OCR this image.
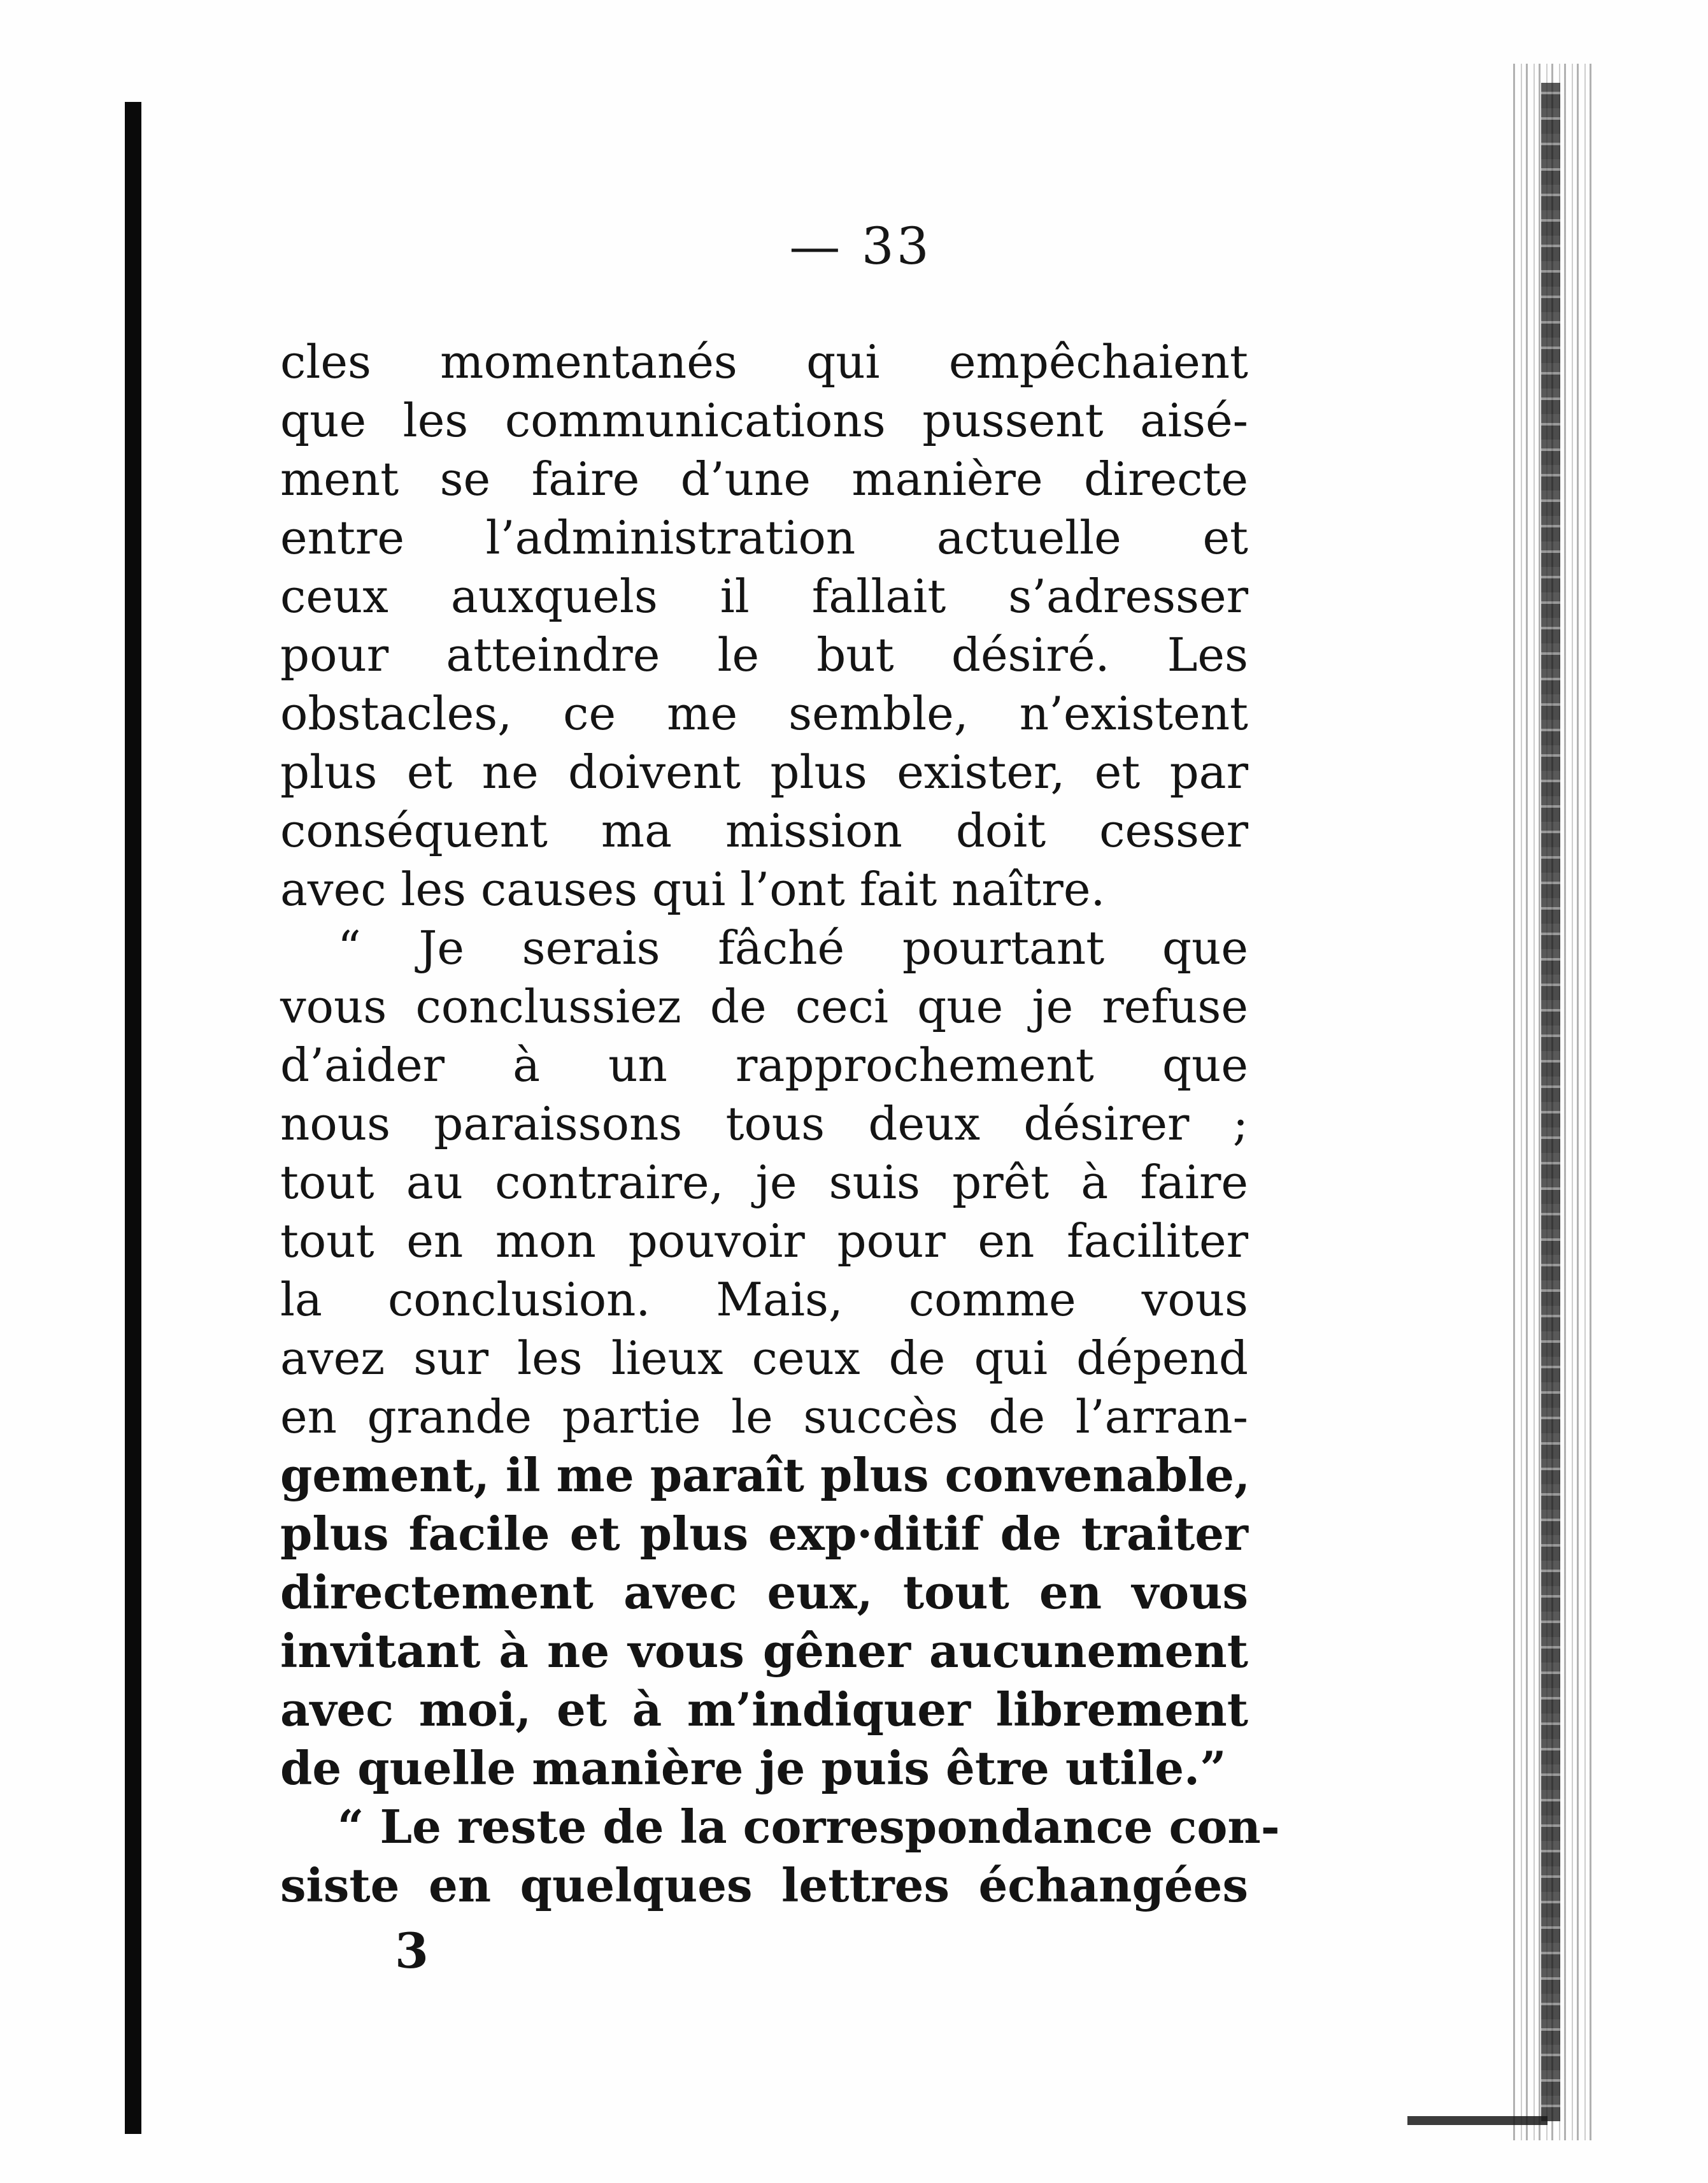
— 33
cles momentanés qui empêchaient
que les communications pussent aisé-
ment se faire d’une manière directe
entre l’administration actuelle et
ceux auxquels il fallait s’adresser
pour atteindre le but désiré. Les
obstacles, ce me semble, n’existent
plus et ne doivent plus exister, et par
conséquent ma mission doit cesser
avec les causes qui l’ont fait naître.
“ Je serais fâché pourtant que
vous conclussiez de ceci que je refuse
d’aider à un rapprochement que
nous paraissons tous deux désirer ;
tout au contraire, je suis prêt à faire
tout en mon pouvoir pour en faciliter
la conclusion. Mais, comme vous
avez sur les lieux ceux de qui dépend
en grande partie le succès de l’arran-
gement, il me paraît plus convenable,
plus facile et plus exp·ditif de traiter
directement avec eux, tout en vous
invitant à ne vous gêner aucunement
avec moi, et à m’indiquer librement
de quelle manière je puis être utile.”
“ Le reste de la correspondance con-
siste en quelques lettres échangées
3
